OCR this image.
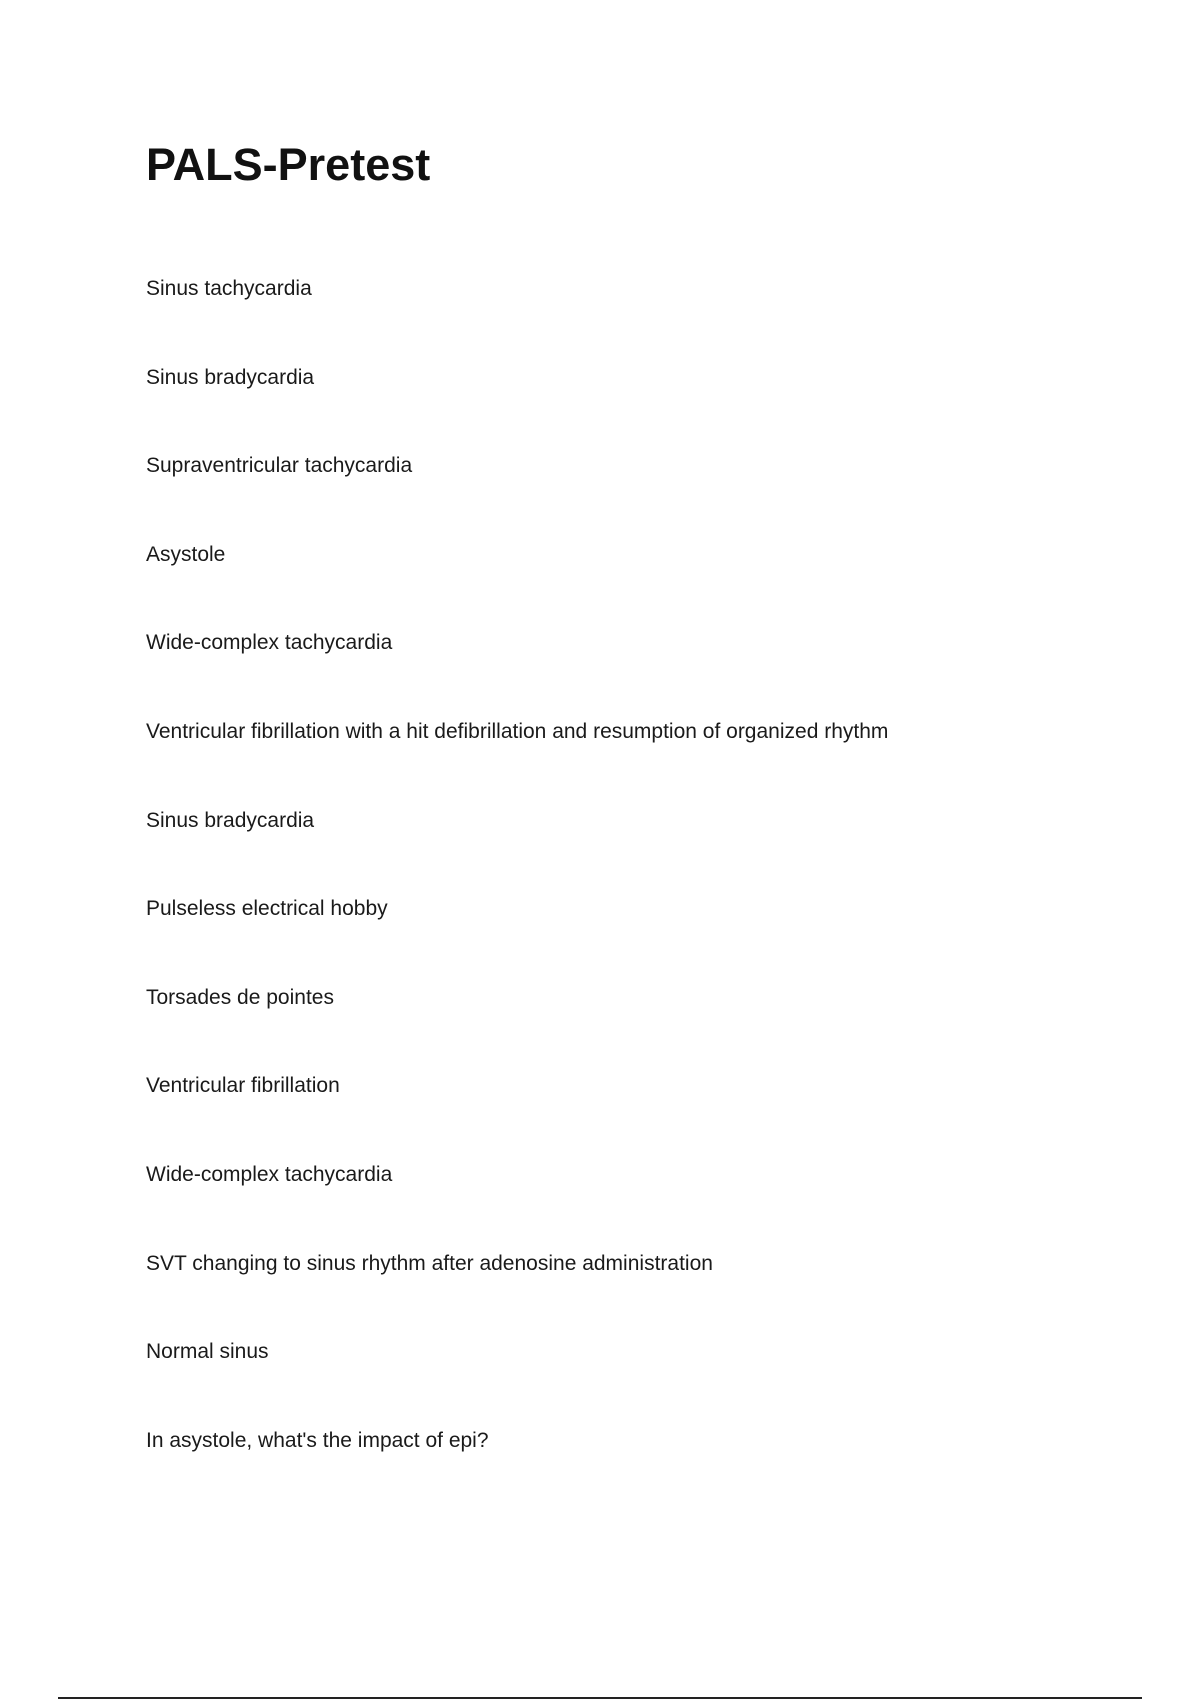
PALS-Pretest
Sinus tachycardia
Sinus bradycardia
Supraventricular tachycardia
Asystole
Wide-complex tachycardia
Ventricular fibrillation with a hit defibrillation and resumption of organized rhythm
Sinus bradycardia
Pulseless electrical hobby
Torsades de pointes
Ventricular fibrillation
Wide-complex tachycardia
SVT changing to sinus rhythm after adenosine administration
Normal sinus
In asystole, what's the impact of epi?
